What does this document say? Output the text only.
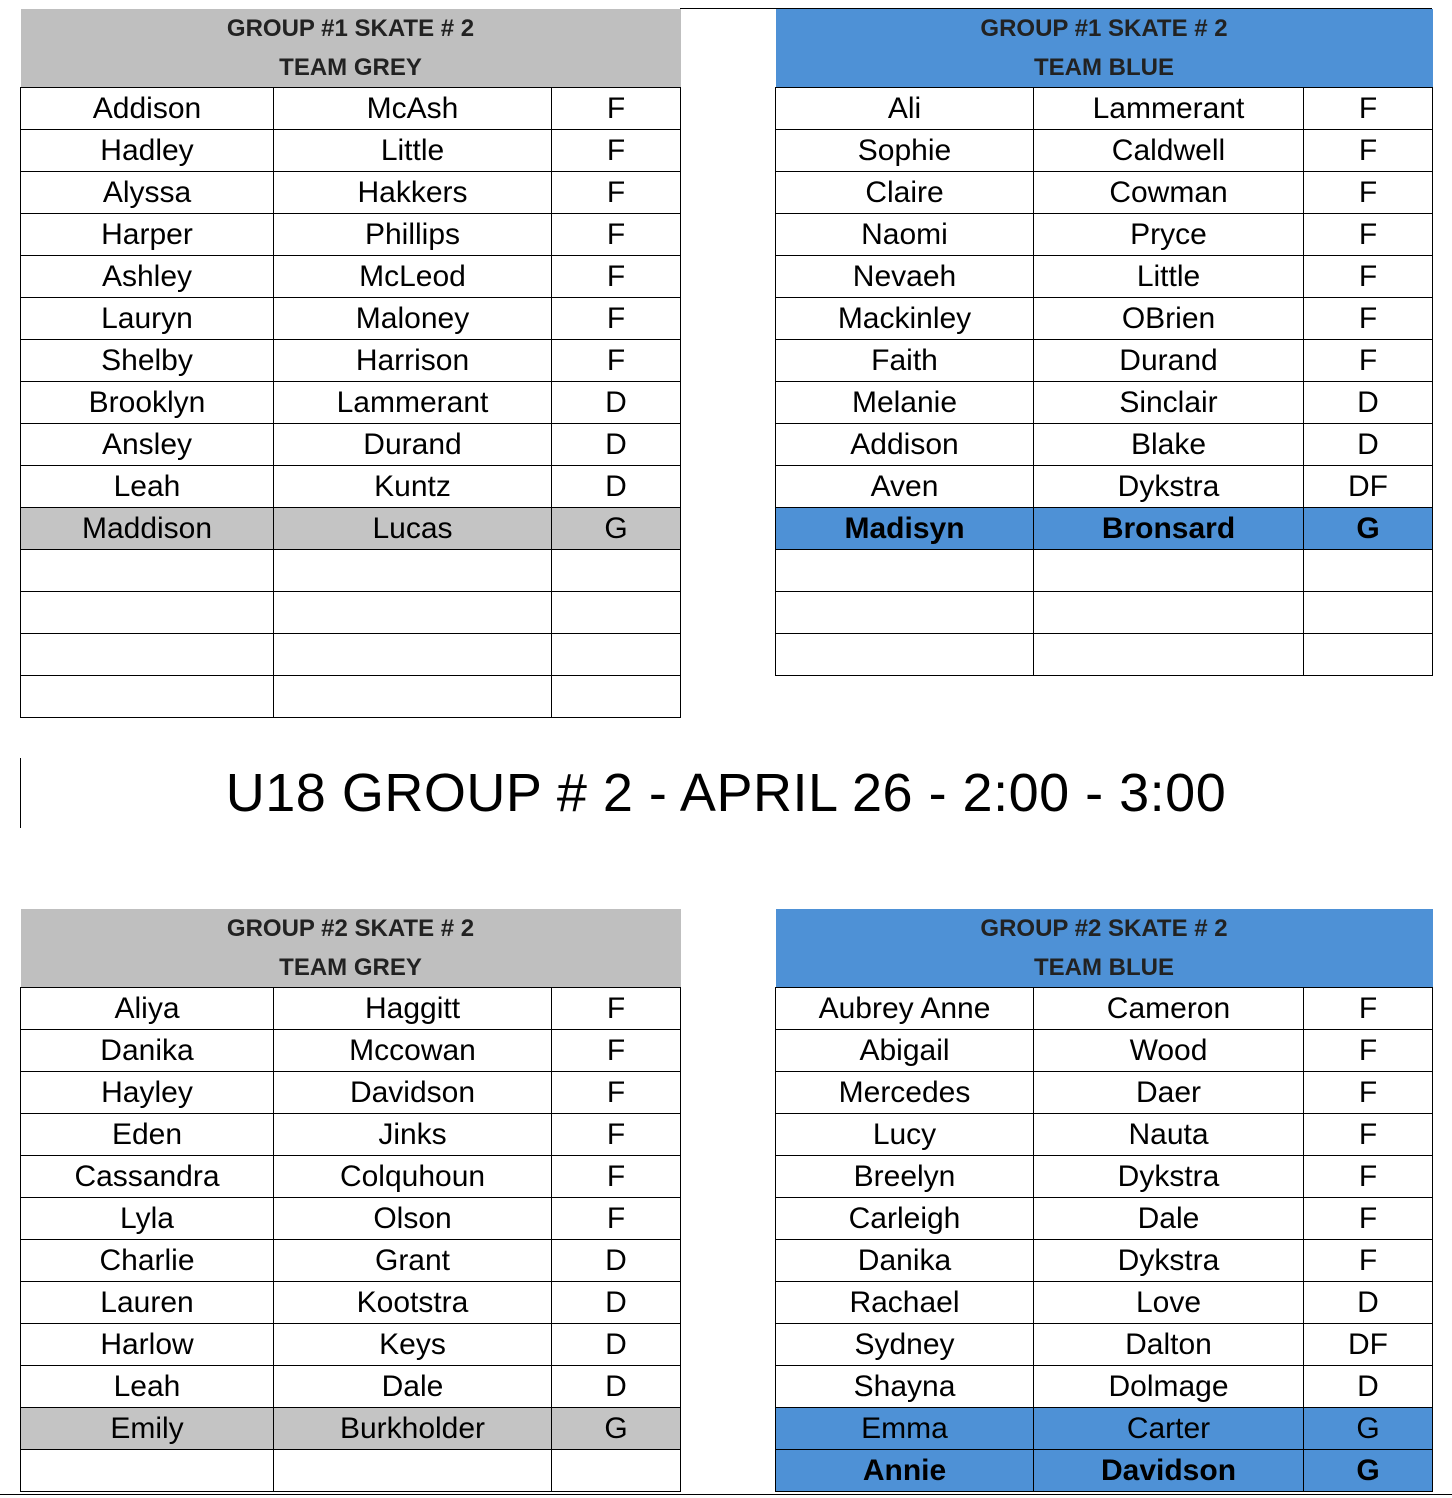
GROUP #1 SKATE # 2		
TEAM GREY		
Addison	McAsh	F
Hadley	Little	F
Alyssa	Hakkers	F
Harper	Phillips	F
Ashley	McLeod	F
Lauryn	Maloney	F
Shelby	Harrison	F
Brooklyn	Lammerant	D
Ansley	Durand	D
Leah	Kuntz	D
Maddison	Lucas	G

GROUP #1 SKATE # 2		
TEAM BLUE		
Ali	Lammerant	F
Sophie	Caldwell	F
Claire	Cowman	F
Naomi	Pryce	F
Nevaeh	Little	F
Mackinley	OBrien	F
Faith	Durand	F
Melanie	Sinclair	D
Addison	Blake	D
Aven	Dykstra	DF
Madisyn	Bronsard	G

U18 GROUP # 2 - APRIL 26 - 2:00 - 3:00
GROUP #2 SKATE # 2		
TEAM GREY		
Aliya	Haggitt	F
Danika	Mccowan	F
Hayley	Davidson	F
Eden	Jinks	F
Cassandra	Colquhoun	F
Lyla	Olson	F
Charlie	Grant	D
Lauren	Kootstra	D
Harlow	Keys	D
Leah	Dale	D
Emily	Burkholder	G

GROUP #2 SKATE # 2		
TEAM BLUE		
Aubrey Anne	Cameron	F
Abigail	Wood	F
Mercedes	Daer	F
Lucy	Nauta	F
Breelyn	Dykstra	F
Carleigh	Dale	F
Danika	Dykstra	F
Rachael	Love	D
Sydney	Dalton	DF
Shayna	Dolmage	D
Emma	Carter	G
Annie	Davidson	G
